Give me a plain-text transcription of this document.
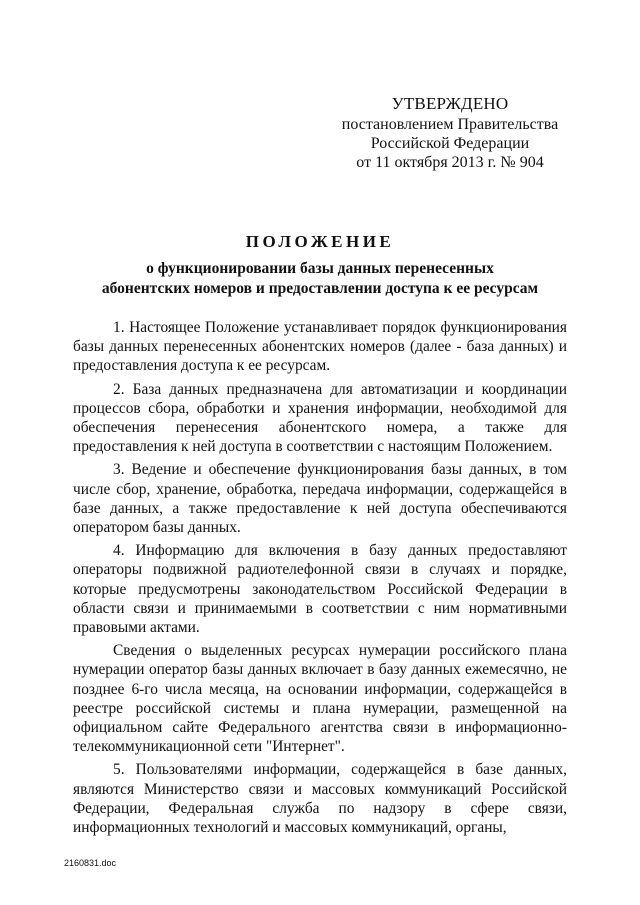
УТВЕРЖДЕНО
постановлением Правительства
Российской Федерации
от 11 октября 2013 г. № 904
ПОЛОЖЕНИЕ
о функционировании базы данных перенесенных
абонентских номеров и предоставлении доступа к ее ресурсам

1. Настоящее Положение устанавливает порядок функционирования базы данных перенесенных абонентских номеров (далее - база данных) и предоставления доступа к ее ресурсам.

2. База данных предназначена для автоматизации и координации процессов сбора, обработки и хранения информации, необходимой для обеспечения перенесения абонентского номера, а также для предоставления к ней доступа в соответствии с настоящим Положением.

3. Ведение и обеспечение функционирования базы данных, в том числе сбор, хранение, обработка, передача информации, содержащейся в базе данных, а также предоставление к ней доступа обеспечиваются оператором базы данных.

4. Информацию для включения в базу данных предоставляют операторы подвижной радиотелефонной связи в случаях и порядке, которые предусмотрены законодательством Российской Федерации в области связи и принимаемыми в соответствии с ним нормативными правовыми актами.

Сведения о выделенных ресурсах нумерации российского плана нумерации оператор базы данных включает в базу данных ежемесячно, не позднее 6-го числа месяца, на основании информации, содержащейся в реестре российской системы и плана нумерации, размещенной на официальном сайте Федерального агентства связи в информационно-телекоммуникационной сети "Интернет".

5. Пользователями информации, содержащейся в базе данных, являются Министерство связи и массовых коммуникаций Российской Федерации, Федеральная служба по надзору в сфере связи, информационных технологий и массовых коммуникаций, органы,

2160831.doc
